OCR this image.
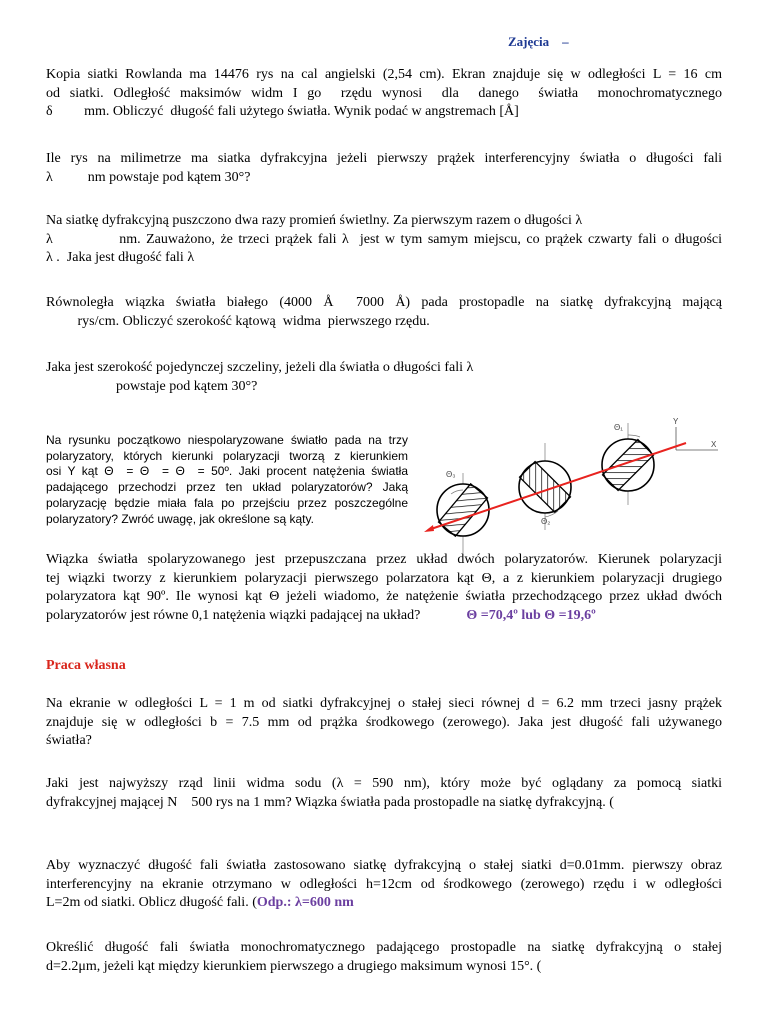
Zajęcia    –
Kopia siatki Rowlanda ma 14476 rys na cal angielski (2,54 cm). Ekran znajduje się w odległości L = 16 cm
od siatki. Odległość maksimów widm I go  rzędu wynosi  dla  danego  światła  monochromatycznego
δ         mm. Obliczyć  długość fali użytego światła. Wynik podać w angstremach [Å]
Ile rys na milimetrze ma siatka dyfrakcyjna jeżeli pierwszy prążek interferencyjny światła o długości fali
λ          nm powstaje pod kątem 30°?
Na siatkę dyfrakcyjną puszczono dwa razy promień świetlny. Za pierwszym razem o długości λ
λ            nm. Zauważono, że trzeci prążek fali λ  jest w tym samym miejscu, co prążek czwarty fali o długości
λ .  Jaka jest długość fali λ
Równoległa  wiązka  światła  białego  (4000  Å    7000  Å)  pada  prostopadle  na  siatkę  dyfrakcyjną  mającą
rys/cm. Obliczyć szerokość kątową  widma  pierwszego rzędu.
Jaka jest szerokość pojedynczej szczeliny, jeżeli dla światła o długości fali λ
powstaje pod kątem 30°?
Na rysunku początkowo niespolaryzowane światło pada na trzy
polaryzatory, których kierunki polaryzacji tworzą z kierunkiem
osi Y kąt Θ  = Θ  = Θ  = 50º. Jaki procent natężenia światła
padającego przechodzi przez ten układ polaryzatorów? Jaką
polaryzację będzie miała fala po przejściu przez poszczególne
polaryzatory? Zwróć uwagę, jak określone są kąty.
Y
X
Θ₃
Θ₂
Θ₁
Wiązka światła spolaryzowanego jest przepuszczana przez układ dwóch polaryzatorów. Kierunek polaryzacji
tej wiązki tworzy z kierunkiem polaryzacji pierwszego polarzatora kąt Θ, a z kierunkiem polaryzacji drugiego
polaryzatora kąt 90º. Ile wynosi kąt Θ jeżeli wiadomo, że natężenie światła przechodzącego przez układ dwóch
polaryzatorów jest równe 0,1 natężenia wiązki padającej na układ?	Θ =70,4º lub Θ =19,6º
Praca własna
Na ekranie w odległości L = 1 m od siatki dyfrakcyjnej o stałej sieci równej d = 6.2 mm trzeci jasny prążek
znajduje się w odległości b = 7.5 mm od prążka środkowego (zerowego). Jaka jest długość fali używanego
światła?
Jaki jest najwyższy rząd linii widma sodu (λ = 590 nm), który może być oglądany za pomocą siatki
dyfrakcyjnej mającej N    500 rys na 1 mm? Wiązka światła pada prostopadle na siatkę dyfrakcyjną. (
Aby wyznaczyć długość fali światła zastosowano siatkę dyfrakcyjną o stałej siatki d=0.01mm. pierwszy obraz
interferencyjny na ekranie otrzymano w odległości h=12cm od środkowego (zerowego) rzędu i w odległości
L=2m od siatki. Oblicz długość fali. (Odp.: λ=600 nm
Określić długość fali światła monochromatycznego padającego prostopadle na siatkę dyfrakcyjną o stałej
d=2.2μm, jeżeli kąt między kierunkiem pierwszego a drugiego maksimum wynosi 15°. (
